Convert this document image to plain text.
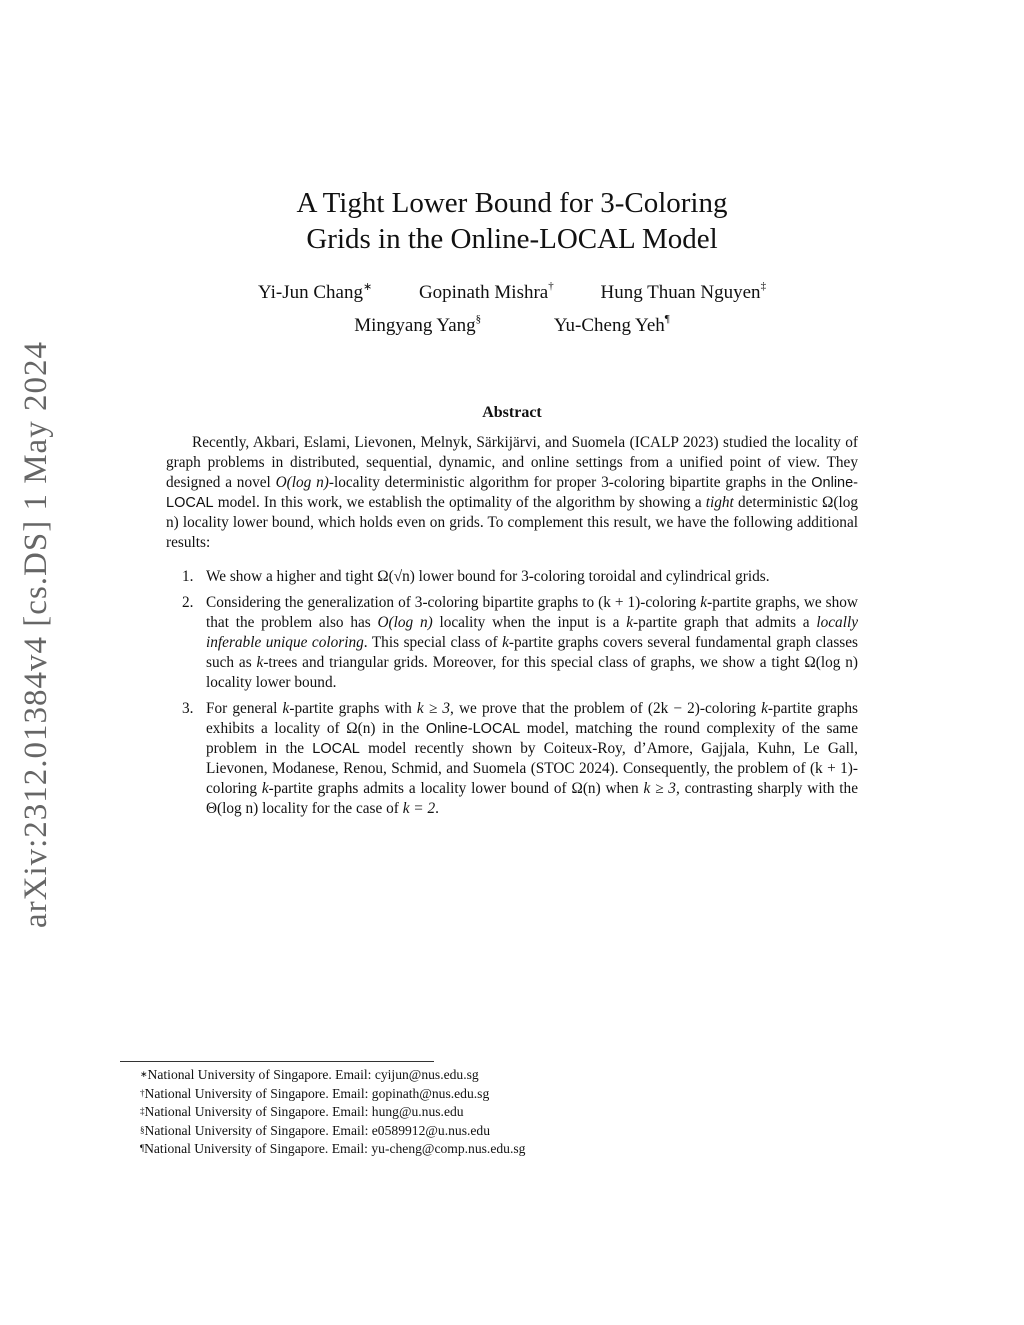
arXiv:2312.01384v4 [cs.DS] 1 May 2024
A Tight Lower Bound for 3-Coloring
Grids in the Online-LOCAL Model
Yi-Jun Chang∗ Gopinath Mishra† Hung Thuan Nguyen‡
Mingyang Yang§	Yu-Cheng Yeh¶
Abstract

Recently, Akbari, Eslami, Lievonen, Melnyk, Särkijärvi, and Suomela (ICALP 2023) studied the locality of graph problems in distributed, sequential, dynamic, and online settings from a unified point of view. They designed a novel O(log n)-locality deterministic algorithm for proper 3-coloring bipartite graphs in the Online-LOCAL model. In this work, we establish the optimality of the algorithm by showing a tight deterministic Ω(log n) locality lower bound, which holds even on grids. To complement this result, we have the following additional results:

1. We show a higher and tight Ω(√n) lower bound for 3-coloring toroidal and cylindrical grids.
2. Considering the generalization of 3-coloring bipartite graphs to (k + 1)-coloring k-partite graphs, we show that the problem also has O(log n) locality when the input is a k-partite graph that admits a locally inferable unique coloring. This special class of k-partite graphs covers several fundamental graph classes such as k-trees and triangular grids. Moreover, for this special class of graphs, we show a tight Ω(log n) locality lower bound.
3. For general k-partite graphs with k ≥ 3, we prove that the problem of (2k − 2)-coloring k-partite graphs exhibits a locality of Ω(n) in the Online-LOCAL model, matching the round complexity of the same problem in the LOCAL model recently shown by Coiteux-Roy, d’Amore, Gajjala, Kuhn, Le Gall, Lievonen, Modanese, Renou, Schmid, and Suomela (STOC 2024). Consequently, the problem of (k + 1)-coloring k-partite graphs admits a locality lower bound of Ω(n) when k ≥ 3, contrasting sharply with the Θ(log n) locality for the case of k = 2.
∗National University of Singapore. Email: cyijun@nus.edu.sg
†National University of Singapore. Email: gopinath@nus.edu.sg
‡National University of Singapore. Email: hung@u.nus.edu
§National University of Singapore. Email: e0589912@u.nus.edu
¶National University of Singapore. Email: yu-cheng@comp.nus.edu.sg
